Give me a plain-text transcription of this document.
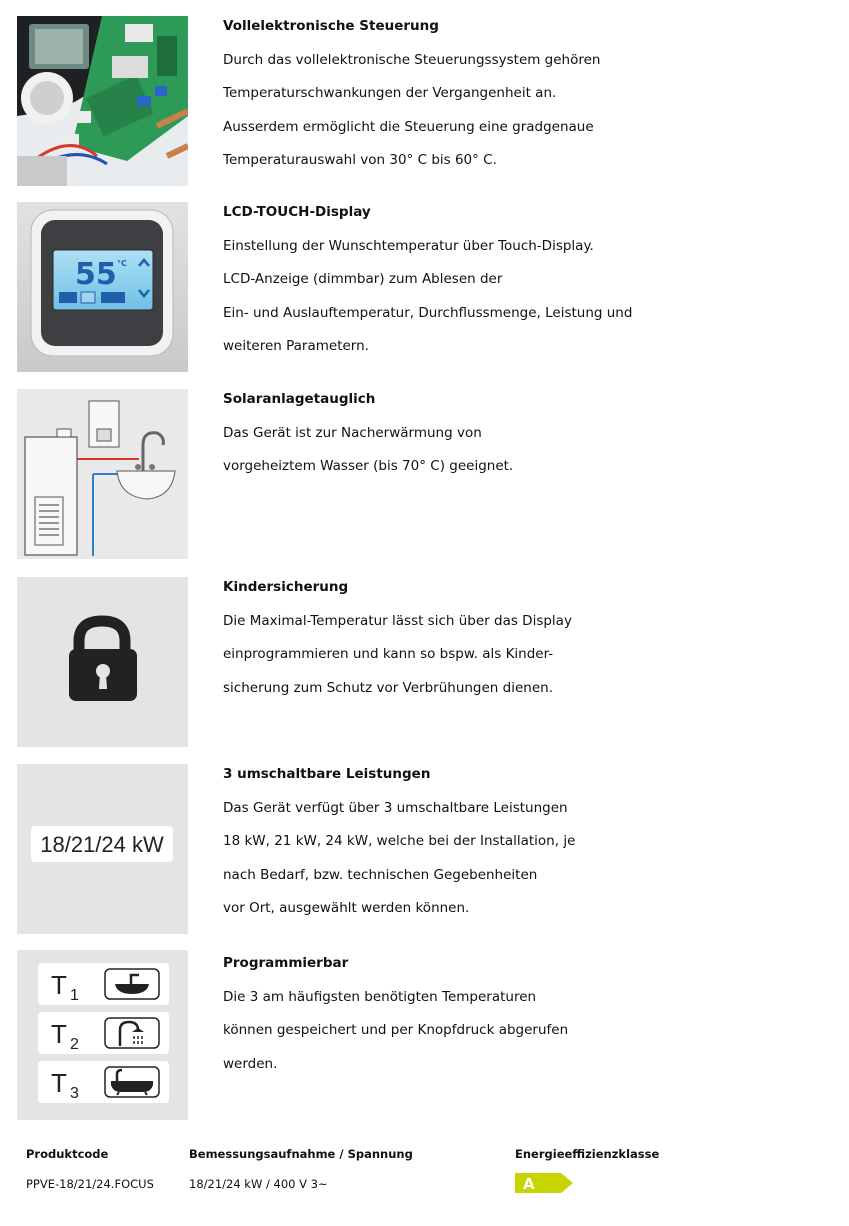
Vollelektronische Steuerung
Durch das vollelektronische Steuerungssystem gehören
Temperaturschwankungen der Vergangenheit an.
Ausserdem ermöglicht die Steuerung eine gradgenaue
Temperaturauswahl von 30° C bis 60° C.
55 °C
LCD-TOUCH-Display
Einstellung der Wunschtemperatur über Touch-Display.
LCD-Anzeige (dimmbar) zum Ablesen der
Ein- und Auslauftemperatur, Durchflussmenge, Leistung und
weiteren Parametern.
Solaranlagetauglich
Das Gerät ist zur Nacherwärmung von
vorgeheiztem Wasser (bis 70° C) geeignet.
Kindersicherung
Die Maximal-Temperatur lässt sich über das Display
einprogrammieren und kann so bspw. als Kinder-
sicherung zum Schutz vor Verbrühungen dienen.
18/21/24 kW
3 umschaltbare Leistungen
Das Gerät verfügt über 3 umschaltbare Leistungen
18 kW, 21 kW, 24 kW, welche bei der Installation, je
nach Bedarf, bzw. technischen Gegebenheiten
vor Ort, ausgewählt werden können.
T 1
T 2
T 3
Programmierbar
Die 3 am häufigsten benötigten Temperaturen
können gespeichert und per Knopfdruck abgerufen
werden.
Produktcode
PPVE-18/21/24.FOCUS
Bemessungsaufnahme / Spannung
18/21/24 kW / 400 V 3~
Energieeffizienzklasse
A
